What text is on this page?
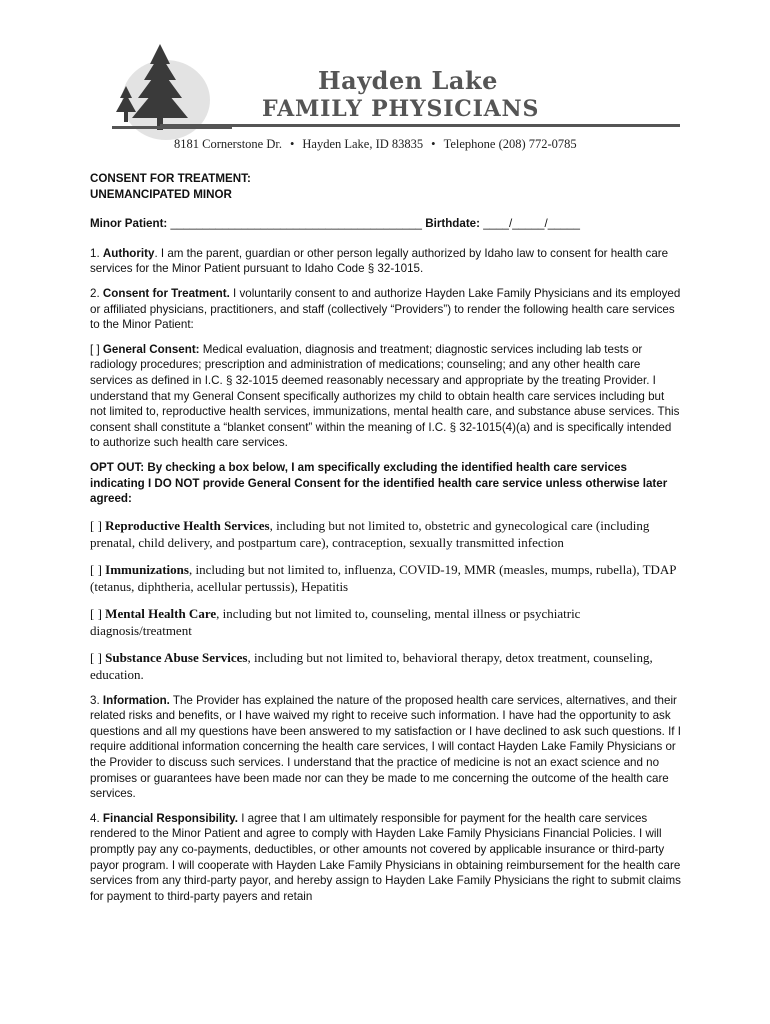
Hayden Lake
FAMILY PHYSICIANS
8181 Cornerstone Dr. • Hayden Lake, ID 83835 • Telephone (208) 772-0785

CONSENT FOR TREATMENT:

UNEMANCIPATED MINOR

Minor Patient: _______________________________________ Birthdate: ____/_____/_____

1. Authority. I am the parent, guardian or other person legally authorized by Idaho law to consent for health care services for the Minor Patient pursuant to Idaho Code § 32-1015.

2. Consent for Treatment. I voluntarily consent to and authorize Hayden Lake Family Physicians and its employed or affiliated physicians, practitioners, and staff (collectively “Providers”) to render the following health care services to the Minor Patient:

[ ] General Consent: Medical evaluation, diagnosis and treatment; diagnostic services including lab tests or radiology procedures; prescription and administration of medications; counseling; and any other health care services as defined in I.C. § 32-1015 deemed reasonably necessary and appropriate by the treating Provider. I understand that my General Consent specifically authorizes my child to obtain health care services including but not limited to, reproductive health services, immunizations, mental health care, and substance abuse services. This consent shall constitute a “blanket consent” within the meaning of I.C. § 32-1015(4)(a) and is specifically intended to authorize such health care services.

OPT OUT: By checking a box below, I am specifically excluding the identified health care services indicating I DO NOT provide General Consent for the identified health care service unless otherwise later agreed:

[ ] Reproductive Health Services, including but not limited to, obstetric and gynecological care (including prenatal, child delivery, and postpartum care), contraception, sexually transmitted infection

[ ] Immunizations, including but not limited to, influenza, COVID-19, MMR (measles, mumps, rubella), TDAP (tetanus, diphtheria, acellular pertussis), Hepatitis

[ ] Mental Health Care, including but not limited to, counseling, mental illness or psychiatric diagnosis/treatment

[ ] Substance Abuse Services, including but not limited to, behavioral therapy, detox treatment, counseling, education.

3. Information. The Provider has explained the nature of the proposed health care services, alternatives, and their related risks and benefits, or I have waived my right to receive such information. I have had the opportunity to ask questions and all my questions have been answered to my satisfaction or I have declined to ask such questions. If I require additional information concerning the health care services, I will contact Hayden Lake Family Physicians or the Provider to discuss such services. I understand that the practice of medicine is not an exact science and no promises or guarantees have been made nor can they be made to me concerning the outcome of the health care services.

4. Financial Responsibility. I agree that I am ultimately responsible for payment for the health care services rendered to the Minor Patient and agree to comply with Hayden Lake Family Physicians Financial Policies. I will promptly pay any co-payments, deductibles, or other amounts not covered by applicable insurance or third-party payor program. I will cooperate with Hayden Lake Family Physicians in obtaining reimbursement for the health care services from any third-party payor, and hereby assign to Hayden Lake Family Physicians the right to submit claims for payment to third-party payers and retain
